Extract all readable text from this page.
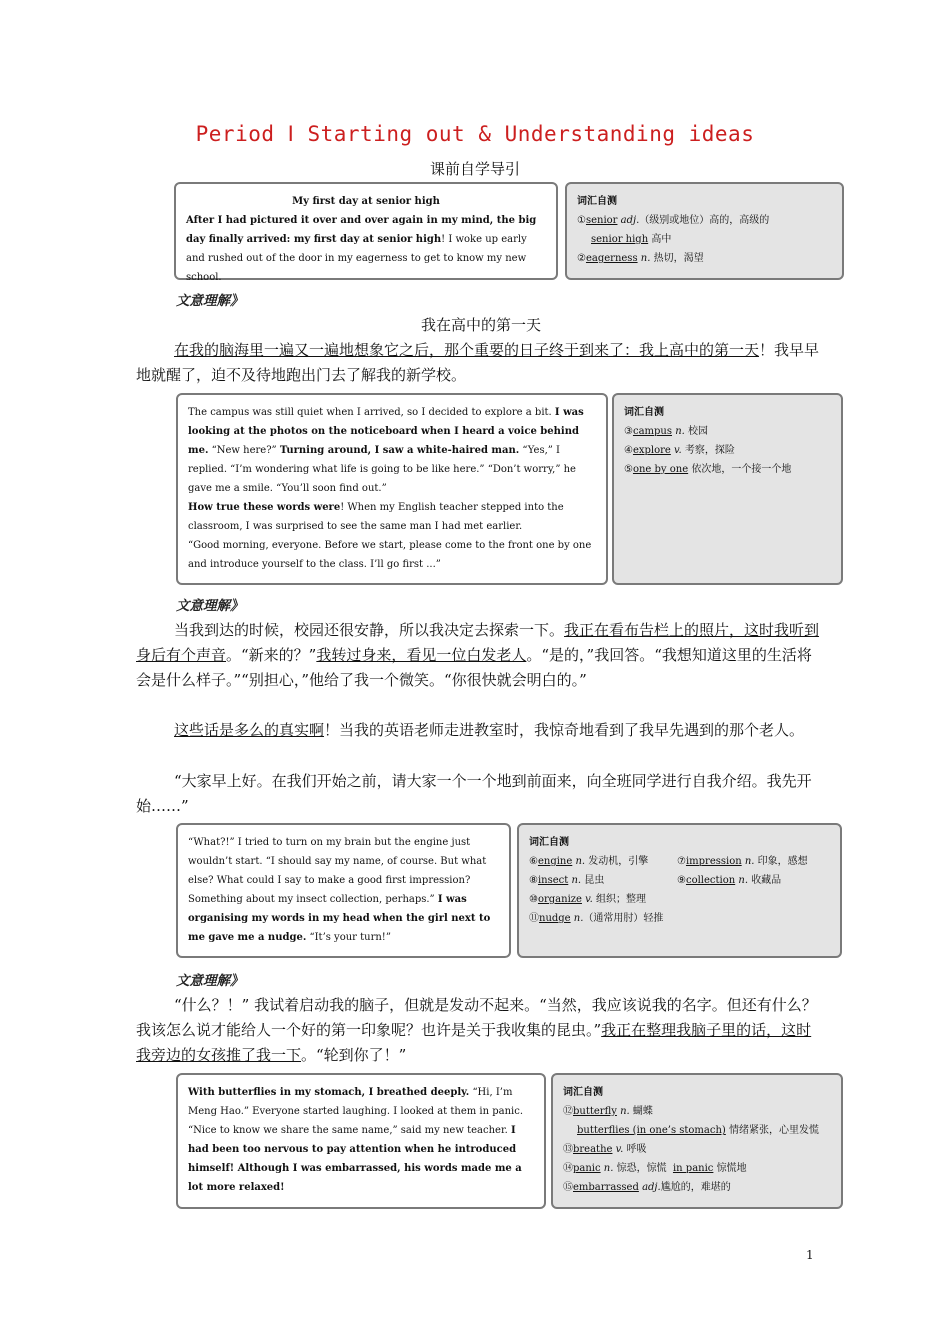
Period Ⅰ Starting out & Understanding ideas
课前自学导引
My first day at senior high
After I had pictured it over and over again in my mind, the big day finally arrived: my first day at senior high! I woke up early and rushed out of the door in my eagerness to get to know my new school.
词汇自测
①senior adj.（级别或地位）高的，高级的
senior high 高中
②eagerness n. 热切，渴望
文意理解》

我在高中的第一天

在我的脑海里一遍又一遍地想象它之后，那个重要的日子终于到来了：我上高中的第一天！我早早地就醒了，迫不及待地跑出门去了解我的新学校。

The campus was still quiet when I arrived, so I decided to explore a bit. I was looking at the photos on the noticeboard when I heard a voice behind me. “New here?” Turning around, I saw a white-haired man. “Yes,” I replied. “I’m wondering what life is going to be like here.” “Don’t worry,” he gave me a smile. “You’ll soon find out.”
How true these words were! When my English teacher stepped into the classroom, I was surprised to see the same man I had met earlier.
“Good morning, everyone. Before we start, please come to the front one by one and introduce yourself to the class. I’ll go first ...”
词汇自测
③campus n. 校园
④explore v. 考察，探险
⑤one by one 依次地，一个接一个地
文意理解》

当我到达的时候，校园还很安静，所以我决定去探索一下。我正在看布告栏上的照片，这时我听到身后有个声音。“新来的？”我转过身来，看见一位白发老人。“是的，”我回答。“我想知道这里的生活将会是什么样子。”“别担心，”他给了我一个微笑。“你很快就会明白的。”

这些话是多么的真实啊！当我的英语老师走进教室时，我惊奇地看到了我早先遇到的那个老人。

“大家早上好。在我们开始之前，请大家一个一个地到前面来，向全班同学进行自我介绍。我先开始……”

“What?!” I tried to turn on my brain but the engine just wouldn’t start. “I should say my name, of course. But what else? What could I say to make a good first impression? Something about my insect collection, perhaps.” I was organising my words in my head when the girl next to me gave me a nudge. “It’s your turn!”
词汇自测
⑥engine n. 发动机，引擎	⑦impression n. 印象，感想
⑧insect n. 昆虫	⑨collection n. 收藏品
⑩organize v. 组织；整理
⑪nudge n.（通常用肘）轻推
文意理解》

“什么？！” 我试着启动我的脑子，但就是发动不起来。“当然，我应该说我的名字。但还有什么？我该怎么说才能给人一个好的第一印象呢？也许是关于我收集的昆虫。”我正在整理我脑子里的话，这时我旁边的女孩推了我一下。“轮到你了！”

With butterflies in my stomach, I breathed deeply. “Hi, I’m Meng Hao.” Everyone started laughing. I looked at them in panic. “Nice to know we share the same name,” said my new teacher. I had been too nervous to pay attention when he introduced himself! Although I was embarrassed, his words made me a lot more relaxed!
词汇自测
⑫butterfly n. 蝴蝶
butterflies (in one’s stomach) 情绪紧张，心里发慌
⑬breathe v. 呼吸
⑭panic n. 惊恐，惊慌 in panic 惊慌地
⑮embarrassed adj.尴尬的，难堪的
1
